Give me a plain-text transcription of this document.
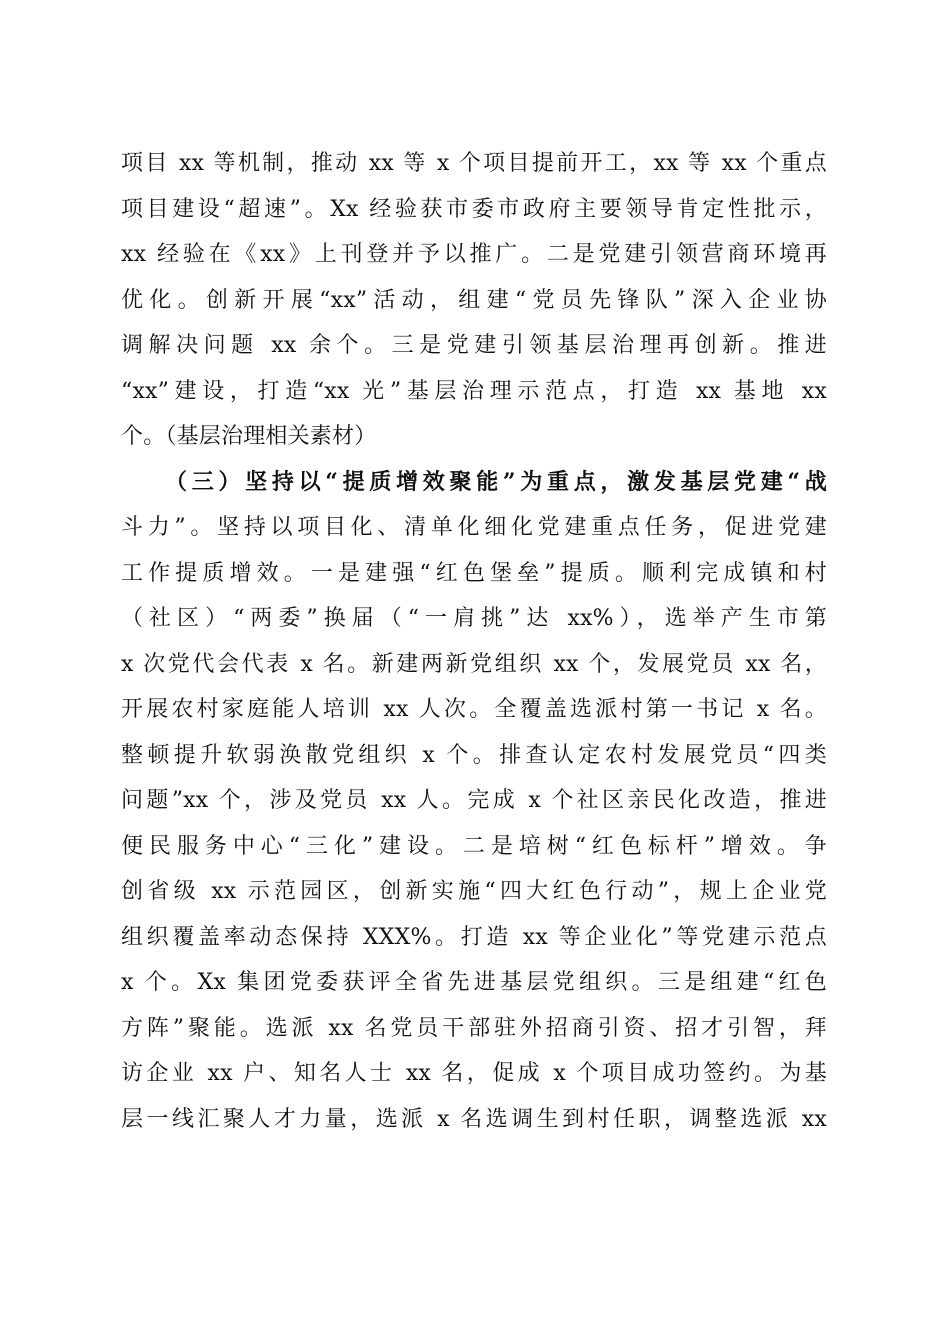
项目 xx 等机制，推动 xx 等 x 个项目提前开工，xx 等 xx 个重点
项目建设“超速”。Xx 经验获市委市政府主要领导肯定性批示，
xx 经验在《xx》上刊登并予以推广。二是党建引领营商环境再
优化。创新开展“xx”活动，组建“党员先锋队”深入企业协
调解决问题 xx 余个。三是党建引领基层治理再创新。推进
“xx”建设，打造“xx 光”基层治理示范点，打造 xx 基地 xx
个。（基层治理相关素材）
（三）坚持以“提质增效聚能”为重点，激发基层党建“战
斗力”。坚持以项目化、清单化细化党建重点任务，促进党建
工作提质增效。一是建强“红色堡垒”提质。顺利完成镇和村
（社区）“两委”换届（“一肩挑”达 xx%），选举产生市第
x 次党代会代表 x 名。新建两新党组织 xx 个，发展党员 xx 名，
开展农村家庭能人培训 xx 人次。全覆盖选派村第一书记 x 名。
整顿提升软弱涣散党组织 x 个。排查认定农村发展党员“四类
问题”xx 个，涉及党员 xx 人。完成 x 个社区亲民化改造，推进
便民服务中心“三化”建设。二是培树“红色标杆”增效。争
创省级 xx 示范园区，创新实施“四大红色行动”，规上企业党
组织覆盖率动态保持 XXX%。打造 xx 等企业化”等党建示范点
x 个。Xx 集团党委获评全省先进基层党组织。三是组建“红色
方阵”聚能。选派 xx 名党员干部驻外招商引资、招才引智，拜
访企业 xx 户、知名人士 xx 名，促成 x 个项目成功签约。为基
层一线汇聚人才力量，选派 x 名选调生到村任职，调整选派 xx
